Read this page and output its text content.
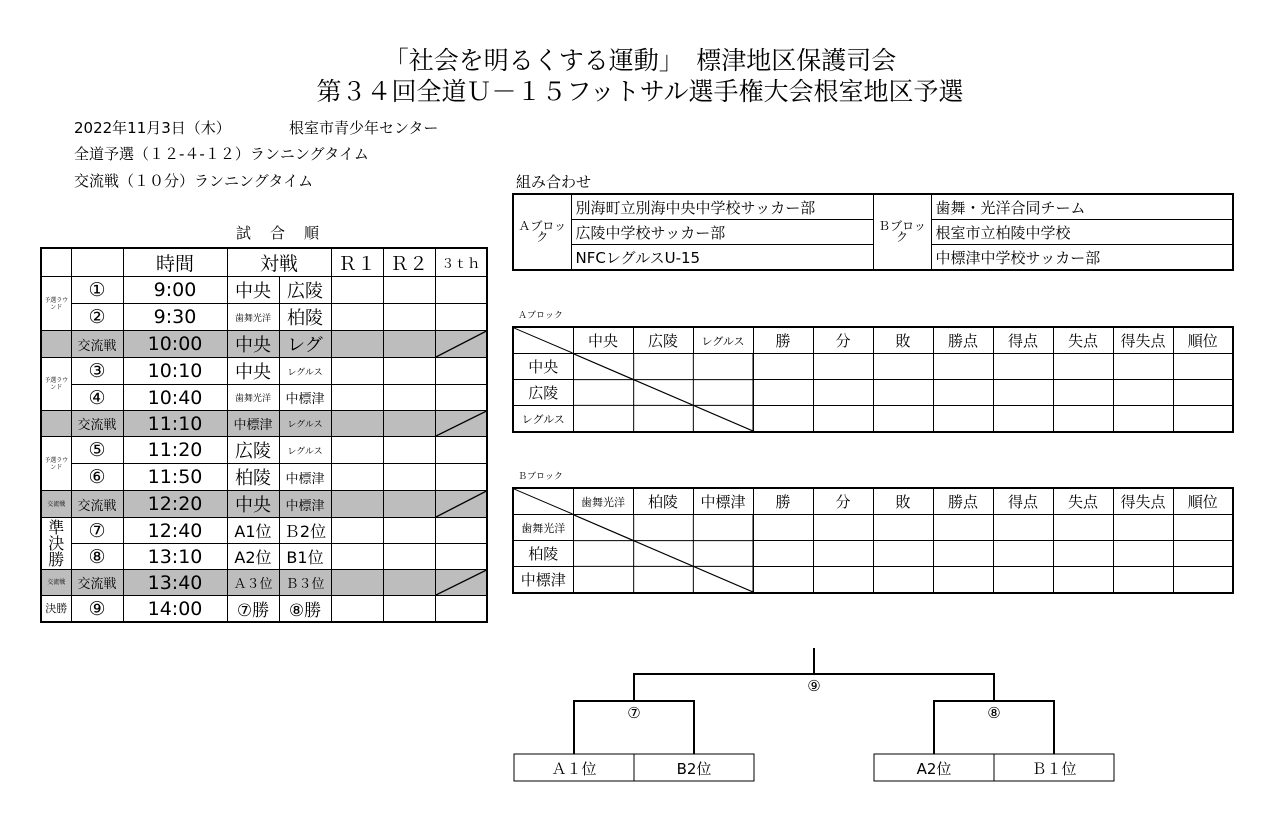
「社会を明るくする運動」　標津地区保護司会
第３４回全道Ｕ－１５フットサル選手権大会根室地区予選
2022年11月3日（木）	根室市青少年センター
全道予選（１２-４-１２）ランニングタイム
交流戦（１０分）ランニングタイム
試　合　順
		時間	対戦		Ｒ１	Ｒ２	３ｔｈ
予選ラウンド	①	9:00	中央	広陵			
	②	9:30	歯舞光洋	柏陵			
	交流戦	10:00	中央	レグ			

予選ラウンド	③	10:10	中央	レグルス			
	④	10:40	歯舞光洋	中標津			
	交流戦	11:10	中標津	レグルス			

予選ラウンド	⑤	11:20	広陵	レグルス			
	⑥	11:50	柏陵	中標津			
交流戦	交流戦	12:20	中央	中標津			

準決勝	⑦	12:40	A1位	Ｂ2位			
	⑧	13:10	A2位	B1位			
交流戦	交流戦	13:40	Ａ３位	Ｂ３位			

決勝	⑨	14:00	⑦勝	⑧勝			
組み合わせ
Ａブロック	別海町立別海中央中学校サッカー部	Ｂブロック	歯舞・光洋合同チーム
	広陵中学校サッカー部		根室市立柏陵中学校
	NFCレグルスU-15		中標津中学校サッカー部
Ａブロック
	中央	広陵	レグルス	勝	分	敗	勝点	得点	失点	得失点	順位
中央	

広陵											
レグルス											
Ｂブロック
	歯舞光洋	柏陵	中標津	勝	分	敗	勝点	得点	失点	得失点	順位
歯舞光洋	

柏陵											
中標津											
⑨
⑦	⑧
Ａ１位	B2位	A2位	Ｂ１位
